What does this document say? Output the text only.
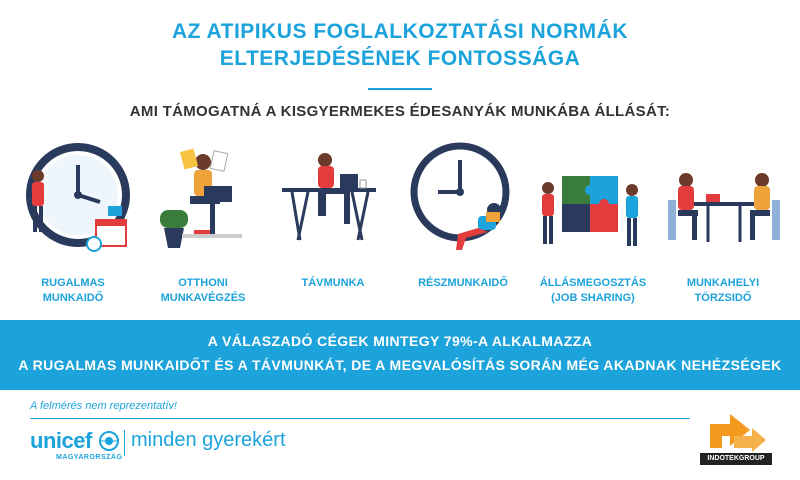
AZ ATIPIKUS FOGLALKOZTATÁSI NORMÁK
ELTERJEDÉSÉNEK FONTOSSÁGA
AMI TÁMOGATNÁ A KISGYERMEKES ÉDESANYÁK MUNKÁBA ÁLLÁSÁT:
RUGALMAS
MUNKAIDŐ
OTTHONI
MUNKAVÉGZÉS
TÁVMUNKA	RÉSZMUNKAIDŐ	ÁLLÁSMEGOSZTÁS
(JOB SHARING)
MUNKAHELYI
TÖRZSIDŐ
A VÁLASZADÓ CÉGEK MINTEGY 79%-A ALKALMAZZA
A RUGALMAS MUNKAIDŐT ÉS A TÁVMUNKÁT, DE A MEGVALÓSÍTÁS SORÁN MÉG AKADNAK NEHÉZSÉGEK
A felmérés nem reprezentatív!
unicef
MAGYARORSZÁG
minden gyerekért
INDOTEKGROUP
